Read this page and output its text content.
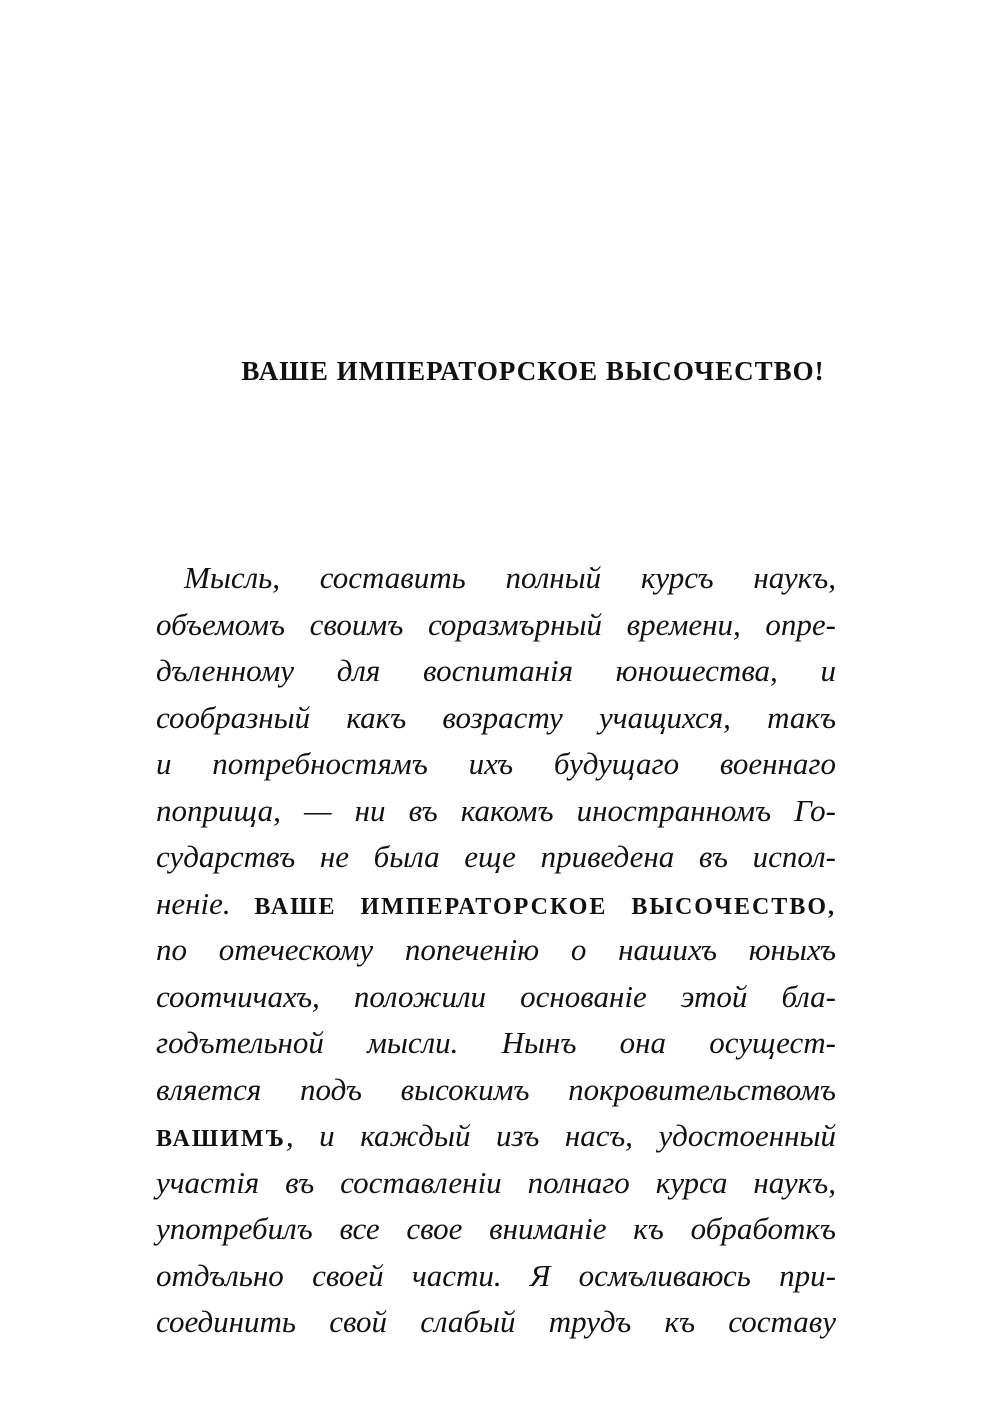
ВАШЕ ИМПЕРАТОРСКОЕ ВЫСОЧЕСТВО!
Мысль, составить полный курсъ наукъ,
объемомъ своимъ соразмърный времени, опре-
дъленному для воспитанія юношества, и
сообразный какъ возрасту учащихся, такъ
и потребностямъ ихъ будущаго военнаго
поприща, — ни въ какомъ иностранномъ Го-
сударствъ не была еще приведена въ испол-
неніе. ВАШЕ ИМПЕРАТОРСКОЕ ВЫСОЧЕСТВО,
по отеческому попеченію о нашихъ юныхъ
соотчичахъ, положили основаніе этой бла-
годътельной мысли. Нынъ она осущест-
вляется подъ высокимъ покровительствомъ
ВАШИМЪ, и каждый изъ насъ, удостоенный
участія въ составленіи полнаго курса наукъ,
употребилъ все свое вниманіе къ обработкъ
отдъльно своей части. Я осмъливаюсь при-
соединить свой слабый трудъ къ составу
